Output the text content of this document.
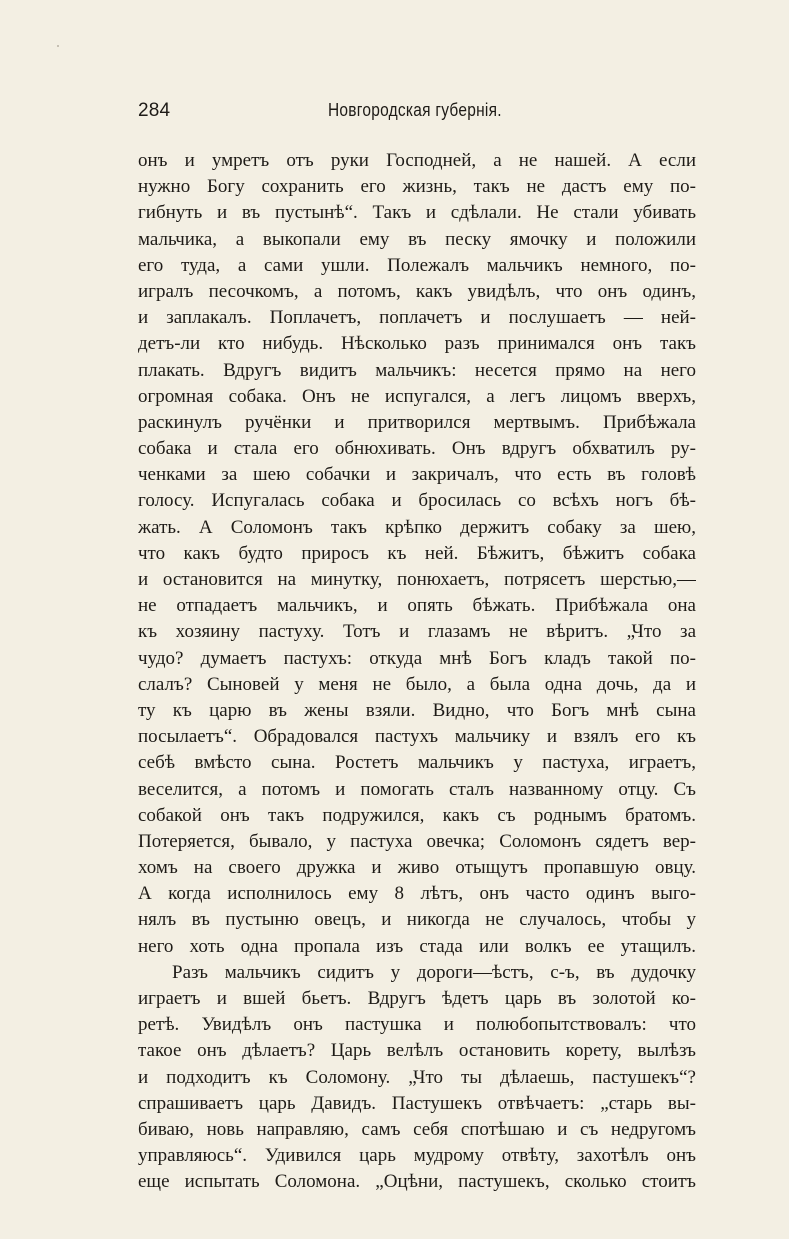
284	Новгородская губернія.
онъ и умретъ отъ руки Господней, а не нашей. А если
нужно Богу сохранить его жизнь, такъ не дастъ ему по-
гибнуть и въ пустынѣ“. Такъ и сдѣлали. Не стали убивать
мальчика, а выкопали ему въ песку ямочку и положили
его туда, а сами ушли. Полежалъ мальчикъ немного, по-
игралъ песочкомъ, а потомъ, какъ увидѣлъ, что онъ одинъ,
и заплакалъ. Поплачетъ, поплачетъ и послушаетъ — ней-
детъ-ли кто нибудь. Нѣсколько разъ принимался онъ такъ
плакать. Вдругъ видитъ мальчикъ: несется прямо на него
огромная собака. Онъ не испугался, а легъ лицомъ вверхъ,
раскинулъ ручёнки и притворился мертвымъ. Прибѣжала
собака и стала его обнюхивать. Онъ вдругъ обхватилъ ру-
ченками за шею собачки и закричалъ, что есть въ головѣ
голосу. Испугалась собака и бросилась со всѣхъ ногъ бѣ-
жать. А Соломонъ такъ крѣпко держитъ собаку за шею,
что какъ будто приросъ къ ней. Бѣжитъ, бѣжитъ собака
и остановится на минутку, понюхаетъ, потрясетъ шерстью,—
не отпадаетъ мальчикъ, и опять бѣжать. Прибѣжала она
къ хозяину пастуху. Тотъ и глазамъ не вѣритъ. „Что за
чудо? думаетъ пастухъ: откуда мнѣ Богъ кладъ такой по-
слалъ? Сыновей у меня не было, а была одна дочь, да и
ту къ царю въ жены взяли. Видно, что Богъ мнѣ сына
посылаетъ“. Обрадовался пастухъ мальчику и взялъ его къ
себѣ вмѣсто сына. Ростетъ мальчикъ у пастуха, играетъ,
веселится, а потомъ и помогать сталъ названному отцу. Съ
собакой онъ такъ подружился, какъ съ роднымъ братомъ.
Потеряется, бывало, у пастуха овечка; Соломонъ сядетъ вер-
хомъ на своего дружка и живо отыщутъ пропавшую овцу.
А когда исполнилось ему 8 лѣтъ, онъ часто одинъ выго-
нялъ въ пустыню овецъ, и никогда не случалось, чтобы у
него хоть одна пропала изъ стада или волкъ ее утащилъ.
Разъ мальчикъ сидитъ у дороги—ѣстъ, с-ъ, въ дудочку
играетъ и вшей бьетъ. Вдругъ ѣдетъ царь въ золотой ко-
ретѣ. Увидѣлъ онъ пастушка и полюбопытствовалъ: что
такое онъ дѣлаетъ? Царь велѣлъ остановить корету, вылѣзъ
и подходитъ къ Соломону. „Что ты дѣлаешь, пастушекъ“?
спрашиваетъ царь Давидъ. Пастушекъ отвѣчаетъ: „старь вы-
биваю, новь направляю, самъ себя спотѣшаю и съ недругомъ
управляюсь“. Удивился царь мудрому отвѣту, захотѣлъ онъ
еще испытать Соломона. „Оцѣни, пастушекъ, сколько стоитъ
